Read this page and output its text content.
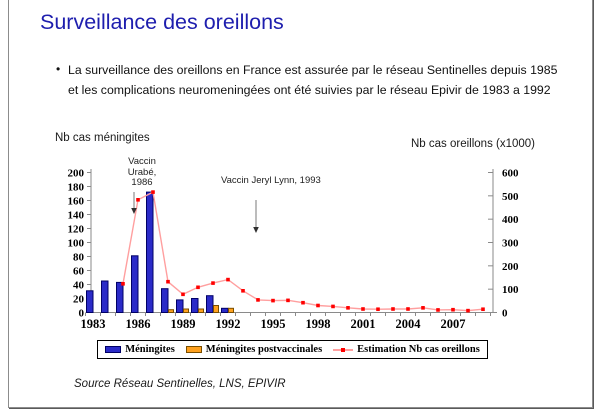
Surveillance des oreillons
• La surveillance des oreillons en France est assurée par le réseau Sentinelles depuis 1985 et les complications neuromeningées ont été suivies par le réseau Epivir de 1983 a 1992

Nb cas méningites	Nb cas oreillons (x1000)
Vaccin Urabé, 1986	Vaccin Jeryl Lynn, 1993
0
20
40
60
80
100
120
140
160
180
200
0
100
200
300
400
500
600
1983 1986 1989 1992 1995 1998 2001 2004 2007
Méningites	Méningites postvaccinales	Estimation Nb cas oreillons
Source Réseau Sentinelles, LNS, EPIVIR
